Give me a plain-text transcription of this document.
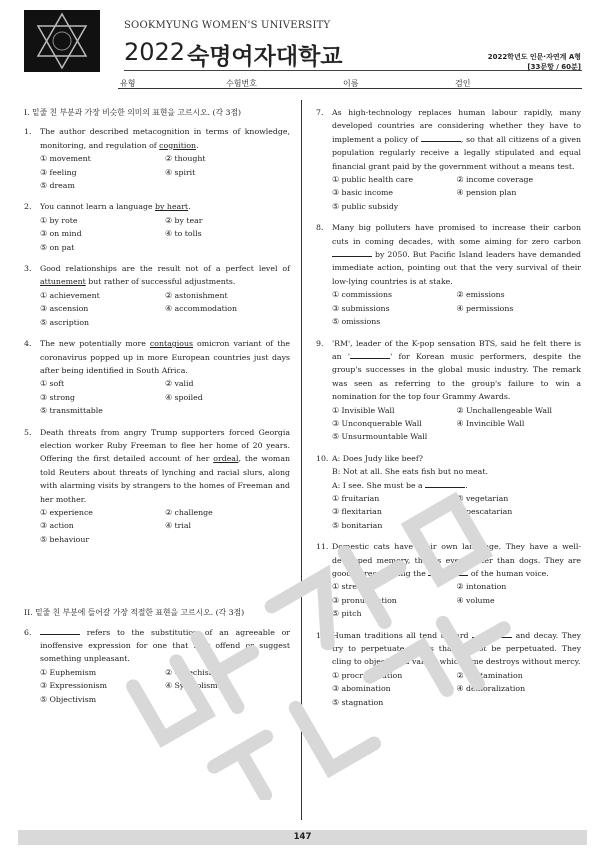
SOOKMYUNG WOMEN'S UNIVERSITY
2022 숙명여자대학교	2022학년도 인문·자연계 A형
[33문항 / 60분]
유형	수험번호	이름	검인
I. 밑줄 친 부분과 가장 비슷한 의미의 표현을 고르시오. (각 3점)
1.	The author described metacognition in terms of knowledge, monitoring, and regulation of cognition.
① movement	② thought
③ feeling	④ spirit
⑤ dream
2.	You cannot learn a language by heart.
① by rote	② by tear
③ on mind	④ to tolls
⑤ on pat
3.	Good relationships are the result not of a perfect level of attunement but rather of successful adjustments.
① achievement	② astonishment
③ ascension	④ accommodation
⑤ ascription
4.	The new potentially more contagious omicron variant of the coronavirus popped up in more European countries just days after being identified in South Africa.
① soft	② valid
③ strong	④ spoiled
⑤ transmittable
5.	Death threats from angry Trump supporters forced Georgia election worker Ruby Freeman to flee her home of 20 years. Offering the first detailed account of her ordeal, the woman told Reuters about threats of lynching and racial slurs, along with alarming visits by strangers to the homes of Freeman and her mother.
① experience	② challenge
③ action	④ trial
⑤ behaviour
II. 밑줄 친 부분에 들어갈 가장 적절한 표현을 고르시오. (각 3점)
6.	refers to the substitution of an agreeable or inoffensive expression for one that may offend or suggest something unpleasant.
① Euphemism	② Catechism
③ Expressionism	④ Symbolism
⑤ Objectivism
7.	As high-technology replaces human labour rapidly, many developed countries are considering whether they have to implement a policy of	, so that all citizens of a given population regularly receive a legally stipulated and equal financial grant paid by the government without a means test.
① public health care	② income coverage
③ basic income	④ pension plan
⑤ public subsidy
8.	Many big polluters have promised to increase their carbon cuts in coming decades, with some aiming for zero carbon  by 2050. But Pacific Island leaders have demanded immediate action, pointing out that the very survival of their low-lying countries is at stake.
① commissions	② emissions
③ submissions	④ permissions
⑤ omissions
9.	'RM', leader of the K-pop sensation BTS, said he felt there is an '	' for Korean music performers, despite the group's successes in the global music industry. The remark was seen as referring to the group's failure to win a nomination for the top four Grammy Awards.
① Invisible Wall	② Unchallengeable Wall
③ Unconquerable Wall	④ Invincible Wall
⑤ Unsurmountable Wall
10. A: Does Judy like beef?
B: Not at all. She eats fish but no meat.
A: I see. She must be a	.
① fruitarian	② vegetarian
③ flexitarian	④ pescatarian
⑤ bonitarian
11. Domestic cats have their own language. They have a well-developed memory, that is even better than dogs. They are good at recognizing the	of the human voice.
① strength	② intonation
③ pronunciation	④ volume
⑤ pitch
12. Human traditions all tend toward	and decay. They try to perpetuate things that cannot be perpetuated. They cling to objects and values which time destroys without mercy.
① procrastination	② contamination
③ abomination	④ demoralization
⑤ stagnation
147
